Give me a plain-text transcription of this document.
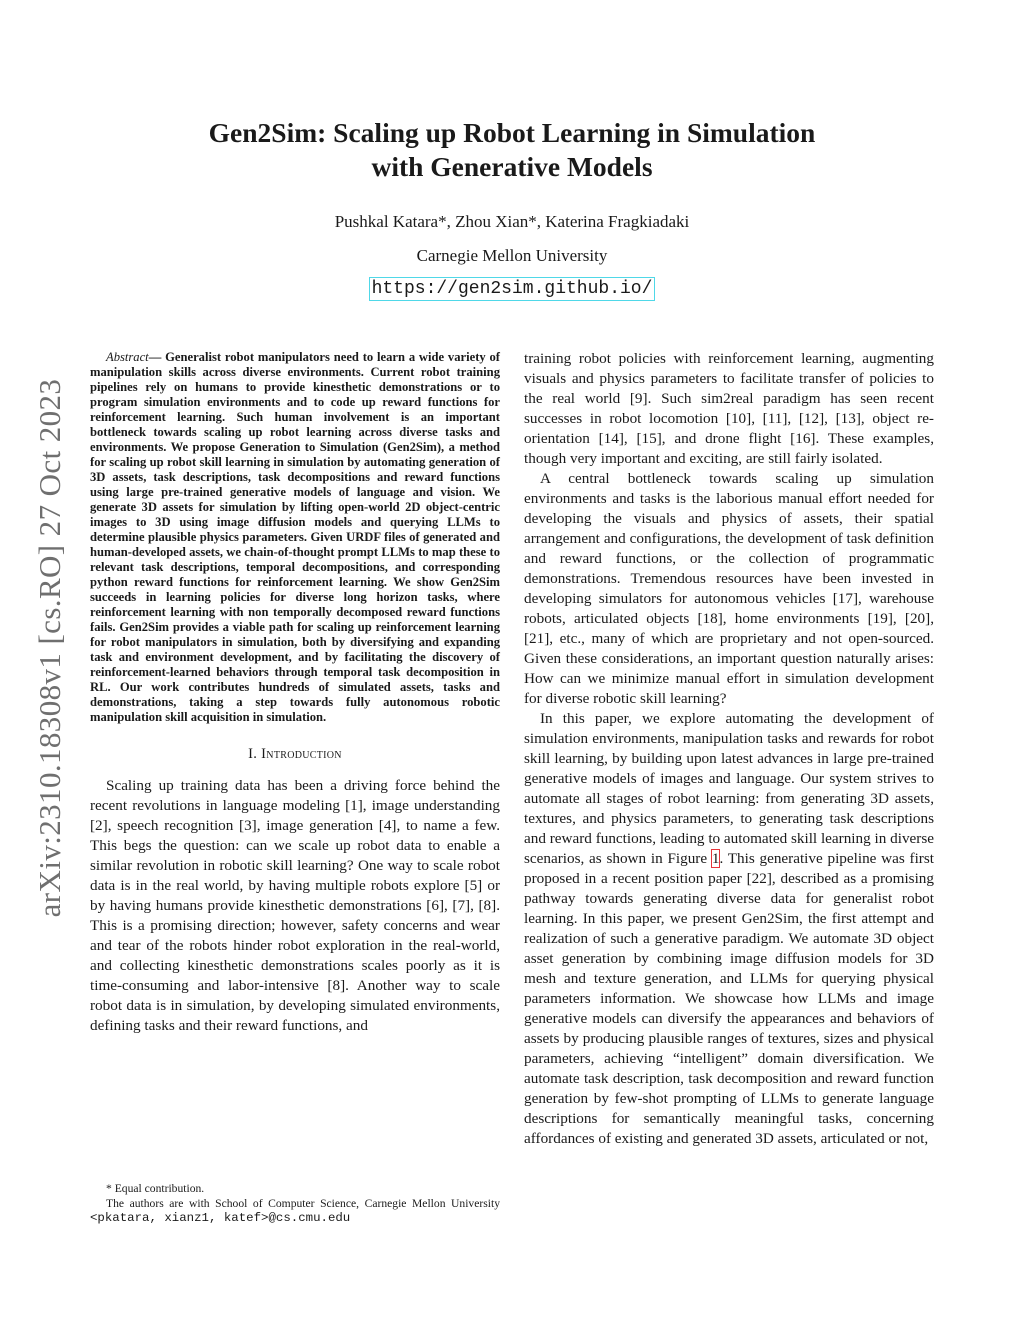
arXiv:2310.18308v1 [cs.RO] 27 Oct 2023
Gen2Sim: Scaling up Robot Learning in Simulation
with Generative Models
Pushkal Katara*, Zhou Xian*, Katerina Fragkiadaki
Carnegie Mellon University
https://gen2sim.github.io/

Abstract— Generalist robot manipulators need to learn a wide variety of manipulation skills across diverse environments. Current robot training pipelines rely on humans to provide kinesthetic demonstrations or to program simulation environments and to code up reward functions for reinforcement learning. Such human involvement is an important bottleneck towards scaling up robot learning across diverse tasks and environments. We propose Generation to Simulation (Gen2Sim), a method for scaling up robot skill learning in simulation by automating generation of 3D assets, task descriptions, task decompositions and reward functions using large pre-trained generative models of language and vision. We generate 3D assets for simulation by lifting open-world 2D object-centric images to 3D using image diffusion models and querying LLMs to determine plausible physics parameters. Given URDF files of generated and human-developed assets, we chain-of-thought prompt LLMs to map these to relevant task descriptions, temporal decompositions, and corresponding python reward functions for reinforcement learning. We show Gen2Sim succeeds in learning policies for diverse long horizon tasks, where reinforcement learning with non temporally decomposed reward functions fails. Gen2Sim provides a viable path for scaling up reinforcement learning for robot manipulators in simulation, both by diversifying and expanding task and environment development, and by facilitating the discovery of reinforcement-learned behaviors through temporal task decomposition in RL. Our work contributes hundreds of simulated assets, tasks and demonstrations, taking a step towards fully autonomous robotic manipulation skill acquisition in simulation.

I. Introduction

Scaling up training data has been a driving force behind the recent revolutions in language modeling [1], image understanding [2], speech recognition [3], image generation [4], to name a few. This begs the question: can we scale up robot data to enable a similar revolution in robotic skill learning? One way to scale robot data is in the real world, by having multiple robots explore [5] or by having humans provide kinesthetic demonstrations [6], [7], [8]. This is a promising direction; however, safety concerns and wear and tear of the robots hinder robot exploration in the real-world, and collecting kinesthetic demonstrations scales poorly as it is time-consuming and labor-intensive [8]. Another way to scale robot data is in simulation, by developing simulated environments, defining tasks and their reward functions, and

training robot policies with reinforcement learning, augmenting visuals and physics parameters to facilitate transfer of policies to the real world [9]. Such sim2real paradigm has seen recent successes in robot locomotion [10], [11], [12], [13], object re-orientation [14], [15], and drone flight [16]. These examples, though very important and exciting, are still fairly isolated.

A central bottleneck towards scaling up simulation environments and tasks is the laborious manual effort needed for developing the visuals and physics of assets, their spatial arrangement and configurations, the development of task definition and reward functions, or the collection of programmatic demonstrations. Tremendous resources have been invested in developing simulators for autonomous vehicles [17], warehouse robots, articulated objects [18], home environments [19], [20], [21], etc., many of which are proprietary and not open-sourced. Given these considerations, an important question naturally arises: How can we minimize manual effort in simulation development for diverse robotic skill learning?

In this paper, we explore automating the development of simulation environments, manipulation tasks and rewards for robot skill learning, by building upon latest advances in large pre-trained generative models of images and language. Our system strives to automate all stages of robot learning: from generating 3D assets, textures, and physics parameters, to generating task descriptions and reward functions, leading to automated skill learning in diverse scenarios, as shown in Figure 1. This generative pipeline was first proposed in a recent position paper [22], described as a promising pathway towards generating diverse data for generalist robot learning. In this paper, we present Gen2Sim, the first attempt and realization of such a generative paradigm. We automate 3D object asset generation by combining image diffusion models for 3D mesh and texture generation, and LLMs for querying physical parameters information. We showcase how LLMs and image generative models can diversify the appearances and behaviors of assets by producing plausible ranges of textures, sizes and physical parameters, achieving “intelligent” domain diversification. We automate task description, task decomposition and reward function generation by few-shot prompting of LLMs to generate language descriptions for semantically meaningful tasks, concerning affordances of existing and generated 3D assets, articulated or not,

* Equal contribution.

The authors are with School of Computer Science, Carnegie Mellon University <pkatara, xianz1, katef>@cs.cmu.edu
